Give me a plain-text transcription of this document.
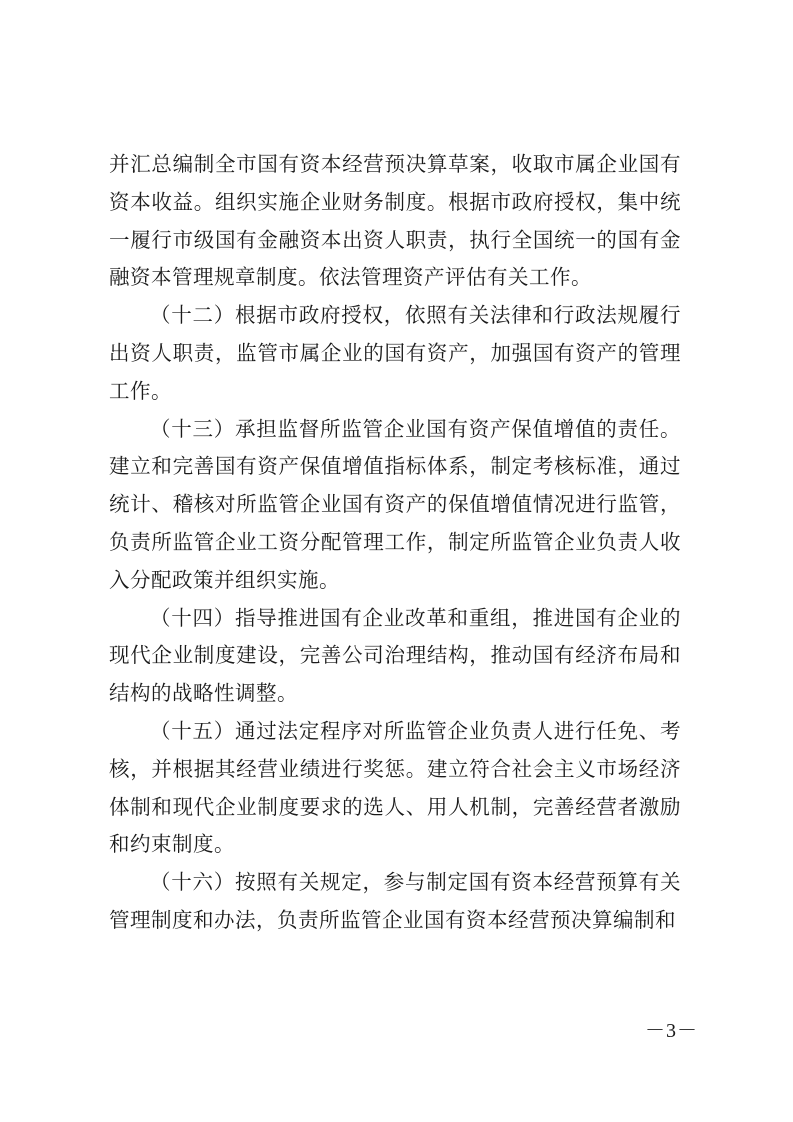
并汇总编制全市国有资本经营预决算草案，收取市属企业国有资本收益。组织实施企业财务制度。根据市政府授权，集中统一履行市级国有金融资本出资人职责，执行全国统一的国有金融资本管理规章制度。依法管理资产评估有关工作。

（十二）根据市政府授权，依照有关法律和行政法规履行出资人职责，监管市属企业的国有资产，加强国有资产的管理工作。

（十三）承担监督所监管企业国有资产保值增值的责任。建立和完善国有资产保值增值指标体系，制定考核标准，通过统计、稽核对所监管企业国有资产的保值增值情况进行监管，负责所监管企业工资分配管理工作，制定所监管企业负责人收入分配政策并组织实施。

（十四）指导推进国有企业改革和重组，推进国有企业的现代企业制度建设，完善公司治理结构，推动国有经济布局和结构的战略性调整。

（十五）通过法定程序对所监管企业负责人进行任免、考核，并根据其经营业绩进行奖惩。建立符合社会主义市场经济体制和现代企业制度要求的选人、用人机制，完善经营者激励和约束制度。

（十六）按照有关规定，参与制定国有资本经营预算有关管理制度和办法，负责所监管企业国有资本经营预决算编制和

－3－
